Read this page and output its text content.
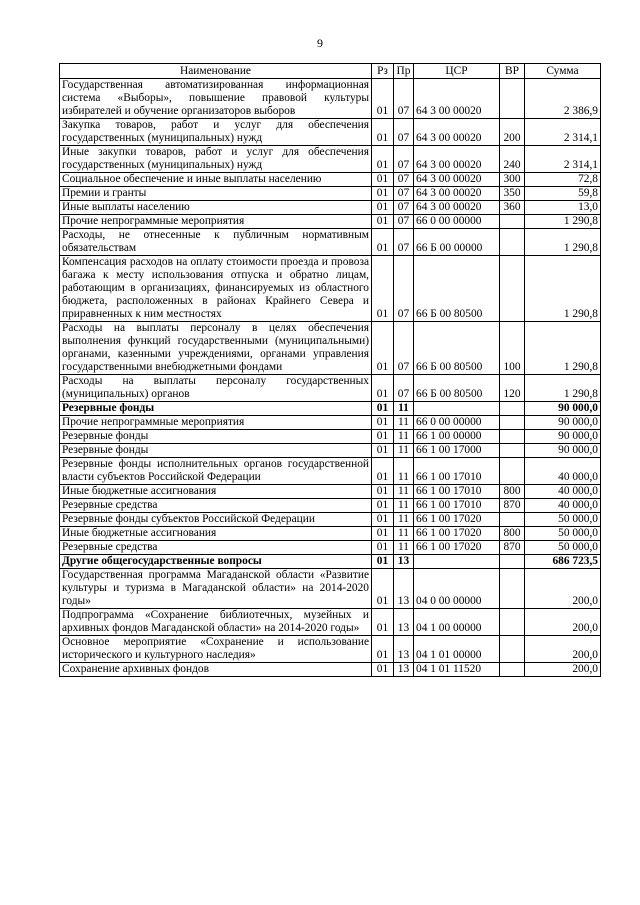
9
Наименование	Рз	Пр	ЦСР	ВР	Сумма
Государственная автоматизированная информационная система «Выборы», повышение правовой культуры избирателей и обучение организаторов выборов	01	07	64 3 00 00020		2 386,9
Закупка товаров, работ и услуг для обеспечения государственных (муниципальных) нужд	01	07	64 3 00 00020	200	2 314,1
Иные закупки товаров, работ и услуг для обеспечения государственных (муниципальных) нужд	01	07	64 3 00 00020	240	2 314,1
Социальное обеспечение и иные выплаты населению	01	07	64 3 00 00020	300	72,8
Премии и гранты	01	07	64 3 00 00020	350	59,8
Иные выплаты населению	01	07	64 3 00 00020	360	13,0
Прочие непрограммные мероприятия	01	07	66 0 00 00000		1 290,8
Расходы, не отнесенные к публичным нормативным обязательствам	01	07	66 Б 00 00000		1 290,8
Компенсация расходов на оплату стоимости проезда и провоза багажа к месту использования отпуска и обратно лицам, работающим в организациях, финансируемых из областного бюджета, расположенных в районах Крайнего Севера и приравненных к ним местностях	01	07	66 Б 00 80500		1 290,8
Расходы на выплаты персоналу в целях обеспечения выполнения функций государственными (муниципальными) органами, казенными учреждениями, органами управления государственными внебюджетными фондами	01	07	66 Б 00 80500	100	1 290,8
Расходы на выплаты персоналу государственных (муниципальных) органов	01	07	66 Б 00 80500	120	1 290,8
Резервные фонды	01	11			90 000,0
Прочие непрограммные мероприятия	01	11	66 0 00 00000		90 000,0
Резервные фонды	01	11	66 1 00 00000		90 000,0
Резервные фонды	01	11	66 1 00 17000		90 000,0
Резервные фонды исполнительных органов государственной власти субъектов Российской Федерации	01	11	66 1 00 17010		40 000,0
Иные бюджетные ассигнования	01	11	66 1 00 17010	800	40 000,0
Резервные средства	01	11	66 1 00 17010	870	40 000,0
Резервные фонды субъектов Российской Федерации	01	11	66 1 00 17020		50 000,0
Иные бюджетные ассигнования	01	11	66 1 00 17020	800	50 000,0
Резервные средства	01	11	66 1 00 17020	870	50 000,0
Другие общегосударственные вопросы	01	13			686 723,5
Государственная программа Магаданской области «Развитие культуры и туризма в Магаданской области» на 2014-2020 годы»	01	13	04 0 00 00000		200,0
Подпрограмма «Сохранение библиотечных, музейных и архивных фондов Магаданской области» на 2014-2020 годы»	01	13	04 1 00 00000		200,0
Основное мероприятие «Сохранение и использование исторического и культурного наследия»	01	13	04 1 01 00000		200,0
Сохранение архивных фондов	01	13	04 1 01 11520		200,0
